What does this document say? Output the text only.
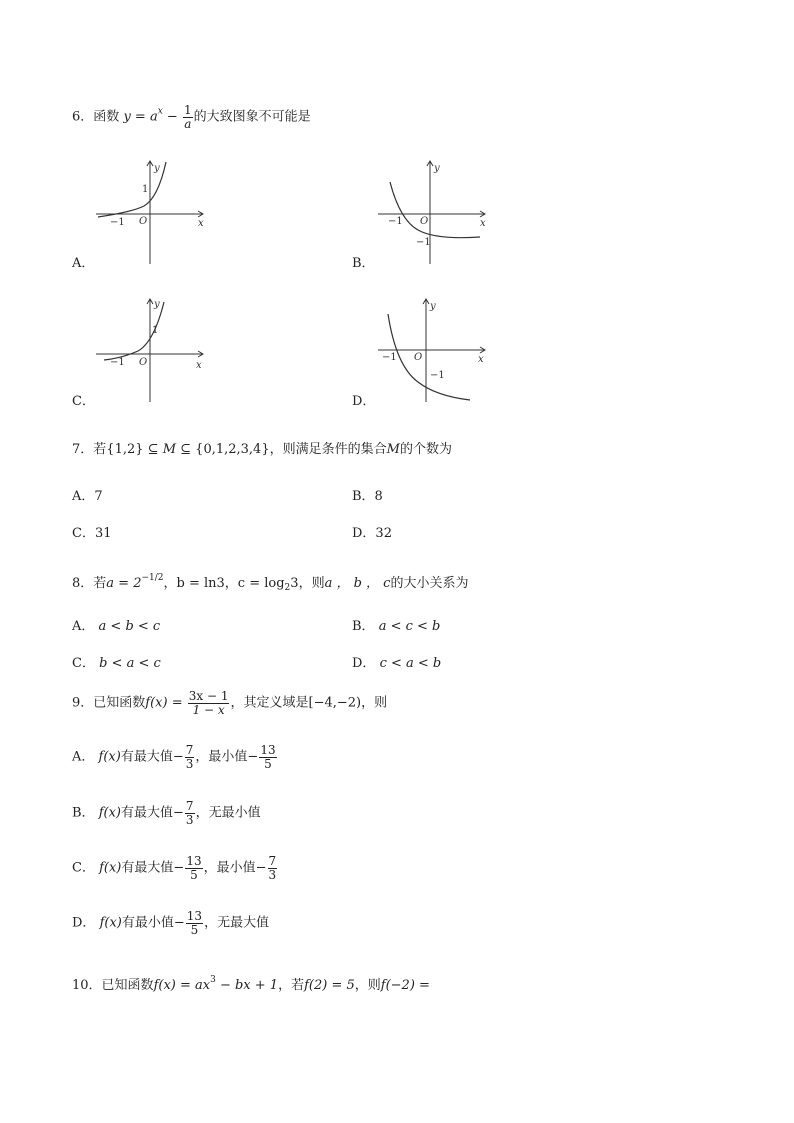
6．函数 $y = a^x - \frac{1}{a}$ 的大致图象不可能是
y
x
O
−1
1
A．
y
x
O
−1
−1
B．
y
x
O
−1
1
C．
y
x
O
−1
−1
D．
7．若{1,2} ⊆ M ⊆ {0,1,2,3,4}，则满足条件的集合M的个数为
A．7	B．8
C．31	D．32
8．若$a = 2^{-1/2}$，b = ln3，$c = \log_23$，则a ， b ， c的大小关系为
A． a < b < c	B． a < c < b
C． b < a < c	D． c < a < b
9．已知函数$f(x) = \frac{3x - 1}{1 - x}$ ，其定义域是[−4,−2)，则
A． f(x)有最大值− $\frac{7}{3}$ ，最小值− $\frac{13}{5}$
B． f(x)有最大值− $\frac{7}{3}$ ，无最小值
C． f(x)有最大值− $\frac{13}{5}$ ，最小值− $\frac{7}{3}$
D． f(x)有最小值− $\frac{13}{5}$ ，无最大值
10．已知函数$f(x) = ax^3$ − bx + 1，若f(2) = 5，则f(−2) =
